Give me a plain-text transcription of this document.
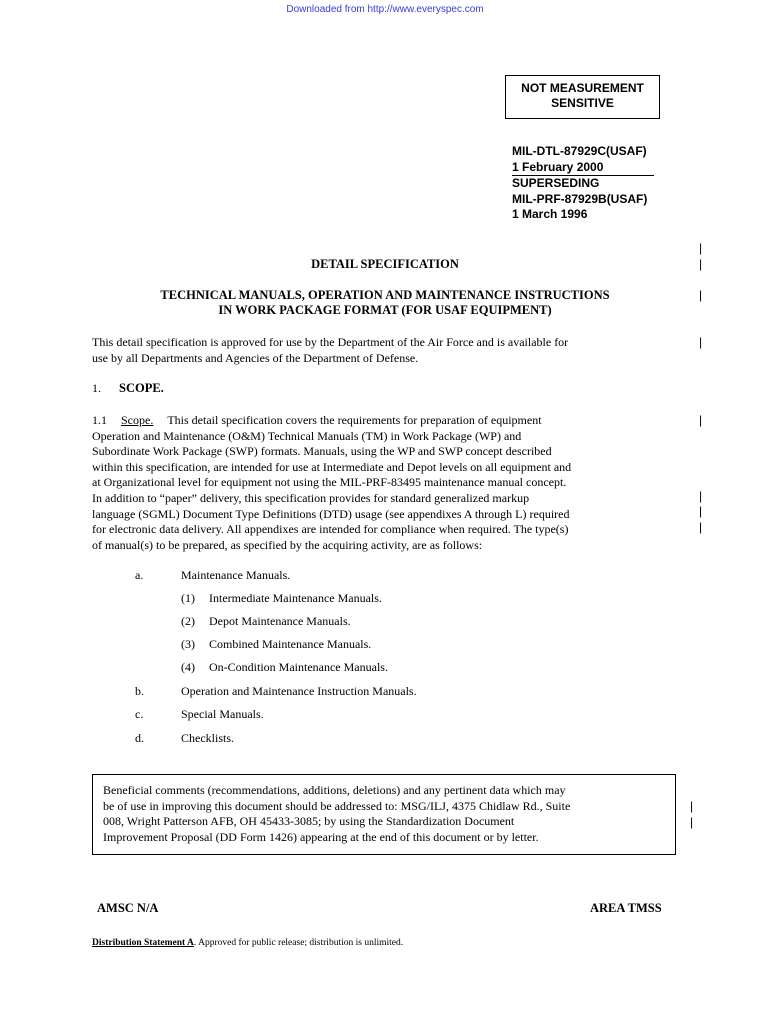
Downloaded from http://www.everyspec.com
NOT MEASUREMENT
SENSITIVE
MIL-DTL-87929C(USAF)
1 February 2000
SUPERSEDING
MIL-PRF-87929B(USAF)
1 March 1996
DETAIL SPECIFICATION
TECHNICAL MANUALS, OPERATION AND MAINTENANCE INSTRUCTIONS
IN WORK PACKAGE FORMAT (FOR USAF EQUIPMENT)
This detail specification is approved for use by the Department of the Air Force and is available for
use by all Departments and Agencies of the Department of Defense.
1. SCOPE.
1.1 Scope. This detail specification covers the requirements for preparation of equipment
Operation and Maintenance (O&M) Technical Manuals (TM) in Work Package (WP) and
Subordinate Work Package (SWP) formats. Manuals, using the WP and SWP concept described
within this specification, are intended for use at Intermediate and Depot levels on all equipment and
at Organizational level for equipment not using the MIL-PRF-83495 maintenance manual concept.
In addition to “paper” delivery, this specification provides for standard generalized markup
language (SGML) Document Type Definitions (DTD) usage (see appendixes A through L) required
for electronic data delivery. All appendixes are intended for compliance when required. The type(s)
of manual(s) to be prepared, as specified by the acquiring activity, are as follows:
a.	Maintenance Manuals.
(1) Intermediate Maintenance Manuals.
(2) Depot Maintenance Manuals.
(3) Combined Maintenance Manuals.
(4) On-Condition Maintenance Manuals.
b.	Operation and Maintenance Instruction Manuals.
c.	Special Manuals.
d.	Checklists.
Beneficial comments (recommendations, additions, deletions) and any pertinent data which may
be of use in improving this document should be addressed to: MSG/ILJ, 4375 Chidlaw Rd., Suite
008, Wright Patterson AFB, OH 45433-3085; by using the Standardization Document
Improvement Proposal (DD Form 1426) appearing at the end of this document or by letter.
|
|
|
|
|
|
|
|
|
|
AMSC N/A	AREA TMSS
Distribution Statement A. Approved for public release; distribution is unlimited.
